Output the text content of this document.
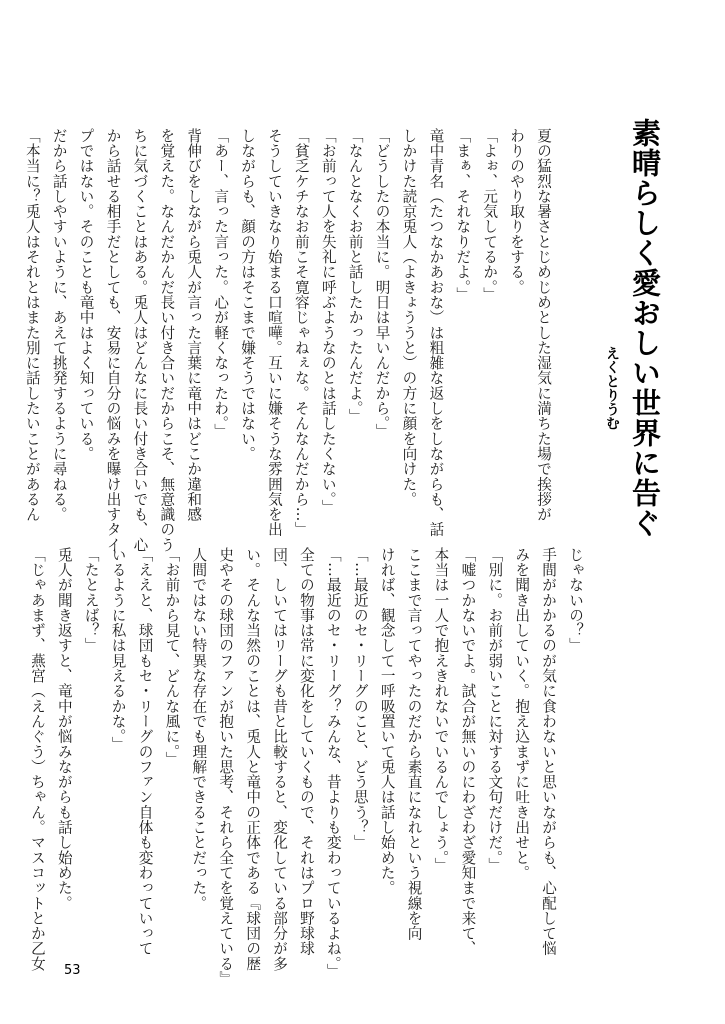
素晴らしく愛おしい世界に告ぐ
えくとりうむ
夏の猛烈な暑さとじめじめとした湿気に満ちた場で挨拶が
わりのやり取りをする。
「よぉ、元気してるか。」
「まぁ、それなりだよ。」
竜中青名（たつなかあおな）は粗雑な返しをしながらも、話
しかけた読京兎人（よきょううと）の方に顔を向けた。
「どうしたの本当に。明日は早いんだから。」
「なんとなくお前と話したかったんだよ。」
「お前って人を失礼に呼ぶようなのとは話したくない。」
「貧乏ケチなお前こそ寛容じゃねぇな。そんなんだから…」
そうしていきなり始まる口喧嘩。互いに嫌そうな雰囲気を出
しながらも、顔の方はそこまで嫌そうではない。
「あー、言った言った。心が軽くなったわ。」
背伸びをしながら兎人が言った言葉に竜中はどこか違和感
を覚えた。なんだかんだ長い付き合いだからこそ、無意識のう
ちに気づくことはある。兎人はどんなに長い付き合いでも、心
から話せる相手だとしても、安易に自分の悩みを曝け出すタイ
プではない。そのことも竜中はよく知っている。
だから話しやすいように、あえて挑発するように尋ねる。
「本当に？兎人はそれとはまた別に話したいことがあるん
じゃないの？」
手間がかかるのが気に食わないと思いながらも、心配して悩
みを聞き出していく。抱え込まずに吐き出せと。
「別に。お前が弱いことに対する文句だけだ。」
「嘘つかないでよ。試合が無いのにわざわざ愛知まで来て、
本当は一人で抱えきれないでいるんでしょう。」
ここまで言ってやったのだから素直になれという視線を向
ければ、観念して一呼吸置いて兎人は話し始めた。
「…最近のセ・リーグのこと、どう思う？」
「…最近のセ・リーグ？みんな、昔よりも変わっているよね。」
全ての物事は常に変化をしていくもので、それはプロ野球球
団、しいてはリーグも昔と比較すると、変化している部分が多
い。そんな当然のことは、兎人と竜中の正体である『球団の歴
史やその球団のファンが抱いた思考、それら全てを覚えている』
人間ではない特異な存在でも理解できることだった。
「お前から見て、どんな風に。」
「ええと、球団もセ・リーグのファン自体も変わっていって
いるように私は見えるかな。」
「たとえば？」
兎人が聞き返すと、竜中が悩みながらも話し始めた。
「じゃあまず、燕宮（えんぐう）ちゃん。マスコットとか乙女	53
